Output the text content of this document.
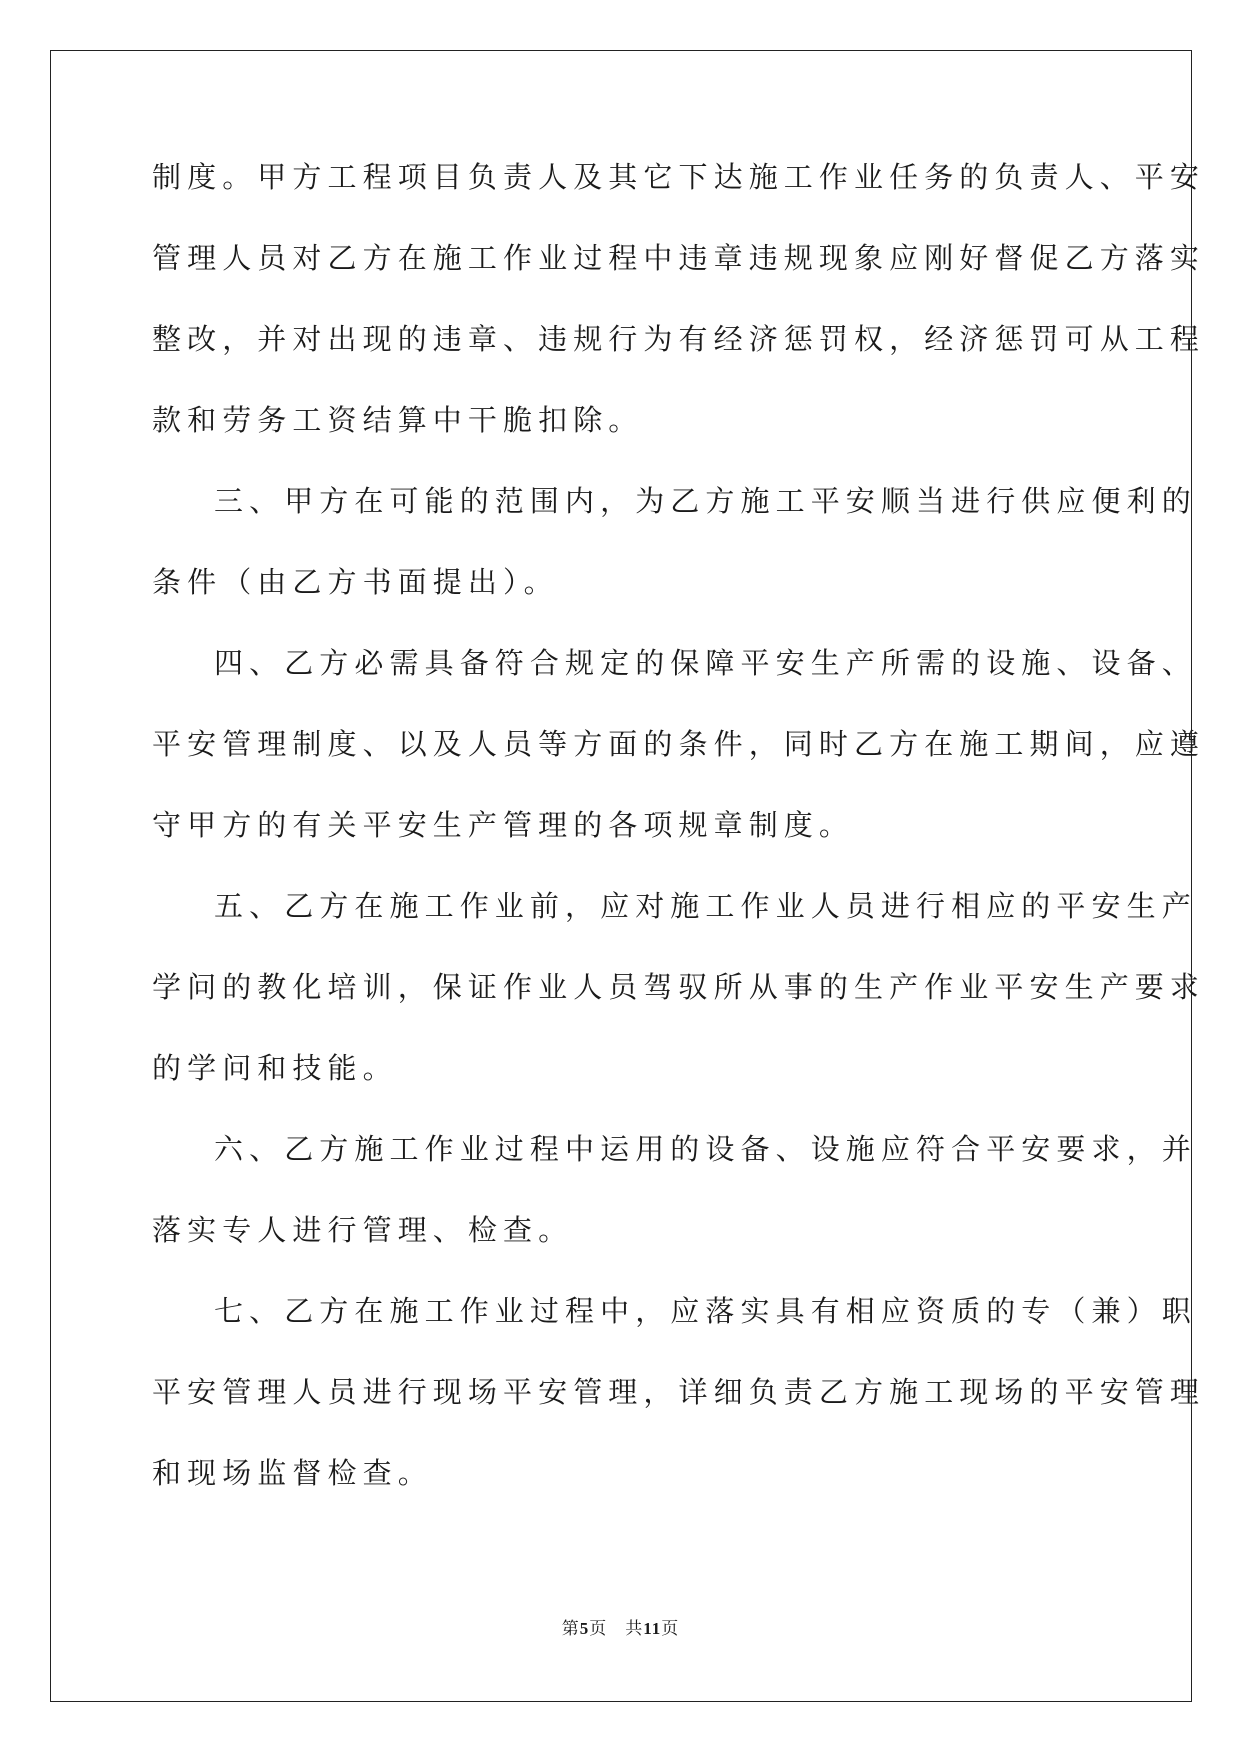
制度。甲方工程项目负责人及其它下达施工作业任务的负责人、平安
管理人员对乙方在施工作业过程中违章违规现象应刚好督促乙方落实
整改，并对出现的违章、违规行为有经济惩罚权，经济惩罚可从工程
款和劳务工资结算中干脆扣除。
三、甲方在可能的范围内，为乙方施工平安顺当进行供应便利的
条件（由乙方书面提出）。
四、乙方必需具备符合规定的保障平安生产所需的设施、设备、
平安管理制度、以及人员等方面的条件，同时乙方在施工期间，应遵
守甲方的有关平安生产管理的各项规章制度。
五、乙方在施工作业前，应对施工作业人员进行相应的平安生产
学问的教化培训，保证作业人员驾驭所从事的生产作业平安生产要求
的学问和技能。
六、乙方施工作业过程中运用的设备、设施应符合平安要求，并
落实专人进行管理、检查。
七、乙方在施工作业过程中，应落实具有相应资质的专（兼）职
平安管理人员进行现场平安管理，详细负责乙方施工现场的平安管理
和现场监督检查。
第5页 共11页
